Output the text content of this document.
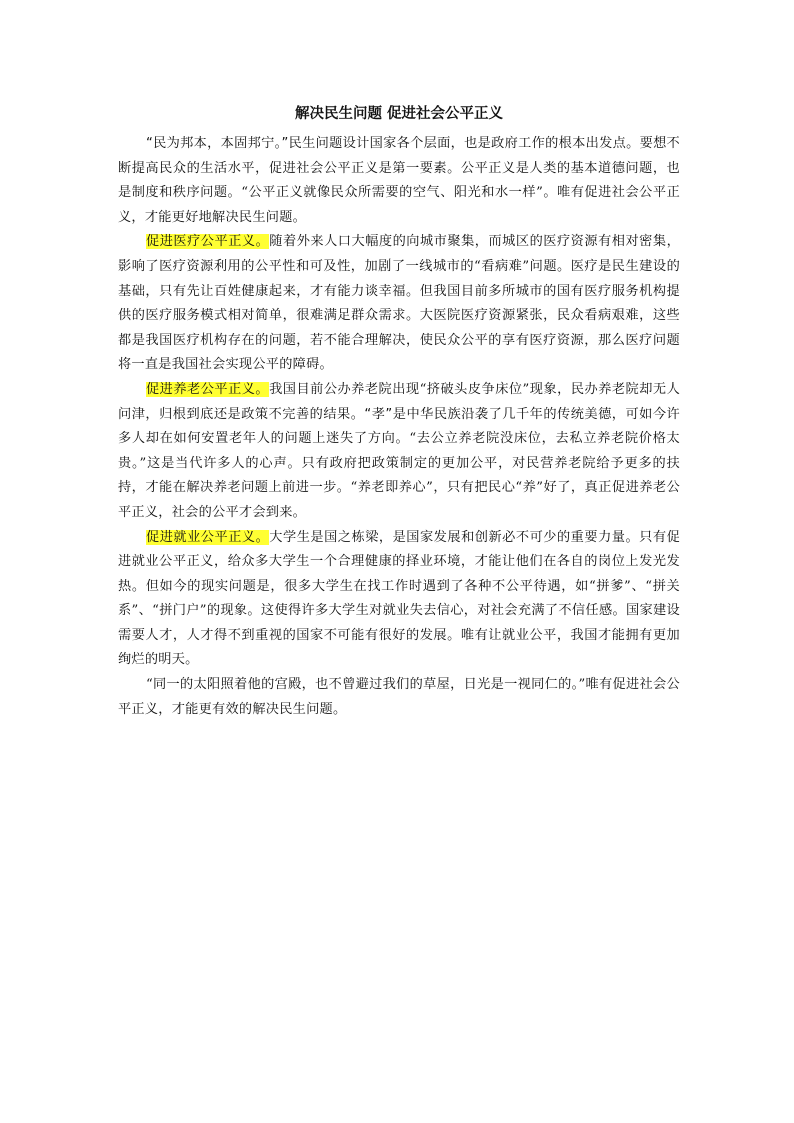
解决民生问题 促进社会公平正义

“民为邦本，本固邦宁。”民生问题设计国家各个层面，也是政府工作的根本出发点。要想不断提高民众的生活水平，促进社会公平正义是第一要素。公平正义是人类的基本道德问题，也是制度和秩序问题。“公平正义就像民众所需要的空气、阳光和水一样”。唯有促进社会公平正义，才能更好地解决民生问题。

促进医疗公平正义。随着外来人口大幅度的向城市聚集，而城区的医疗资源有相对密集，影响了医疗资源利用的公平性和可及性，加剧了一线城市的“看病难”问题。医疗是民生建设的基础，只有先让百姓健康起来，才有能力谈幸福。但我国目前多所城市的国有医疗服务机构提供的医疗服务模式相对简单，很难满足群众需求。大医院医疗资源紧张，民众看病艰难，这些都是我国医疗机构存在的问题，若不能合理解决，使民众公平的享有医疗资源，那么医疗问题将一直是我国社会实现公平的障碍。

促进养老公平正义。我国目前公办养老院出现“挤破头皮争床位”现象，民办养老院却无人问津，归根到底还是政策不完善的结果。“孝”是中华民族沿袭了几千年的传统美德，可如今许多人却在如何安置老年人的问题上迷失了方向。“去公立养老院没床位，去私立养老院价格太贵。”这是当代许多人的心声。只有政府把政策制定的更加公平，对民营养老院给予更多的扶持，才能在解决养老问题上前进一步。“养老即养心”，只有把民心“养”好了，真正促进养老公平正义，社会的公平才会到来。

促进就业公平正义。大学生是国之栋梁，是国家发展和创新必不可少的重要力量。只有促进就业公平正义，给众多大学生一个合理健康的择业环境，才能让他们在各自的岗位上发光发热。但如今的现实问题是，很多大学生在找工作时遇到了各种不公平待遇，如“拼爹”、“拼关系”、“拼门户”的现象。这使得许多大学生对就业失去信心，对社会充满了不信任感。国家建设需要人才，人才得不到重视的国家不可能有很好的发展。唯有让就业公平，我国才能拥有更加绚烂的明天。

“同一的太阳照着他的宫殿，也不曾避过我们的草屋，日光是一视同仁的。”唯有促进社会公平正义，才能更有效的解决民生问题。
